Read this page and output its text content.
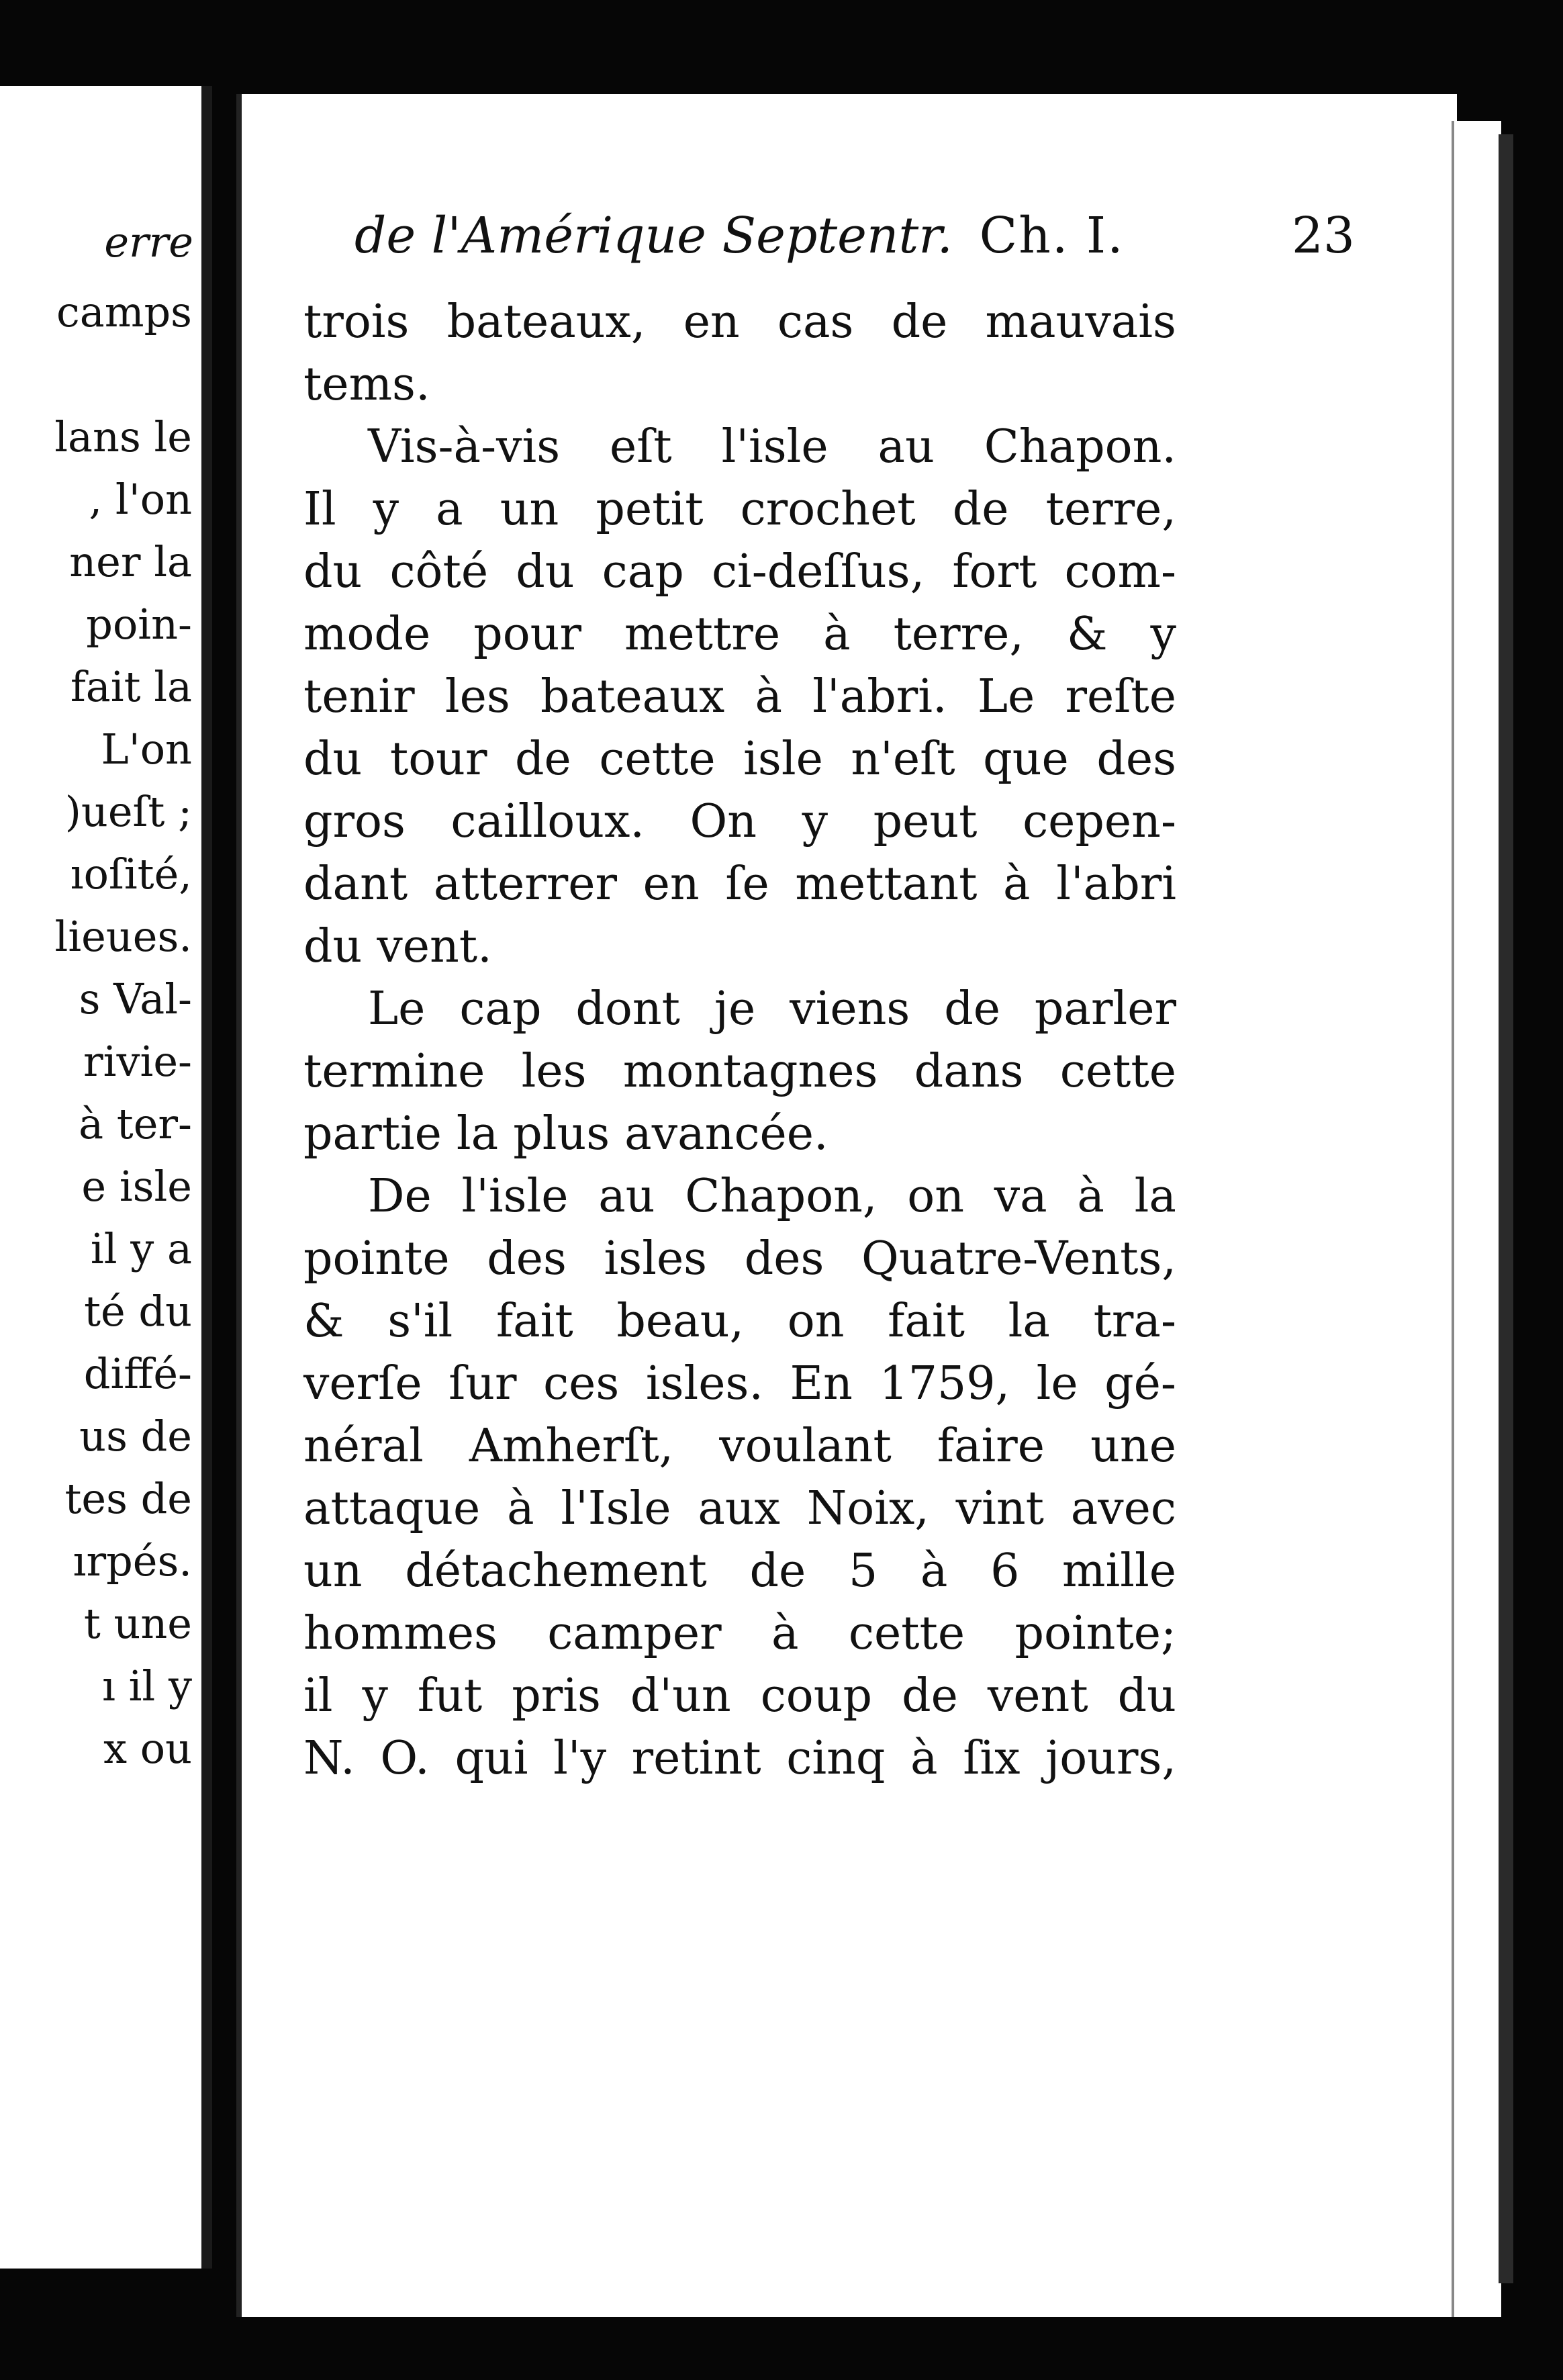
erre
camps
lans le
, l'on
ner la
poin-
fait la
L'on
)ueſt ;
ıoſité,
lieues.
s Val-
rivie-
à ter-
e isle
il y a
té du
diffé-
us de
tes de
ırpés.
t une
ı il y
x ou
de l'Amérique Septentr. Ch. I.	23
trois bateaux, en cas de mauvais
tems.
Vis-à-vis eſt l'isle au Chapon.
Il y a un petit crochet de terre,
du côté du cap ci-deſſus, fort com-
mode pour mettre à terre, & y
tenir les bateaux à l'abri. Le reſte
du tour de cette isle n'eſt que des
gros cailloux. On y peut cepen-
dant atterrer en ſe mettant à l'abri
du vent.
Le cap dont je viens de parler
termine les montagnes dans cette
partie la plus avancée.
De l'isle au Chapon, on va à la
pointe des isles des Quatre-Vents,
& s'il fait beau, on fait la tra-
verſe ſur ces isles. En 1759, le gé-
néral Amherſt, voulant faire une
attaque à l'Isle aux Noix, vint avec
un détachement de 5 à 6 mille
hommes camper à cette pointe;
il y fut pris d'un coup de vent du
N. O. qui l'y retint cinq à ſix jours,
